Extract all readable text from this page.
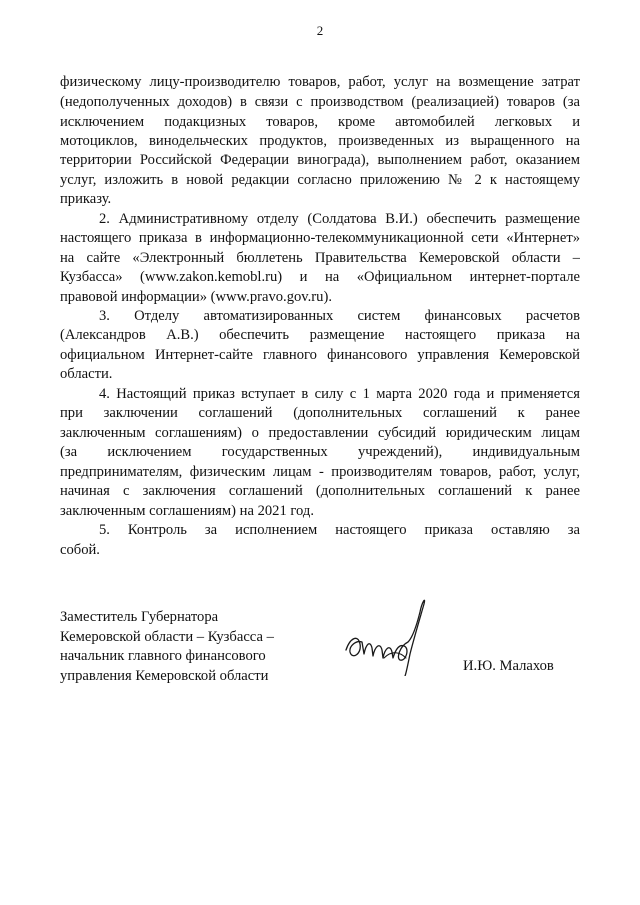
2
физическому лицу-производителю товаров, работ, услуг на возмещение затрат
(недополученных доходов) в связи с производством (реализацией) товаров (за
исключением подакцизных товаров, кроме автомобилей легковых и
мотоциклов, винодельческих продуктов, произведенных из выращенного на
территории Российской Федерации винограда), выполнением работ, оказанием
услуг, изложить в новой редакции согласно приложению № 2 к настоящему
приказу.
2. Административному отделу (Солдатова В.И.) обеспечить размещение
настоящего приказа в информационно-телекоммуникационной сети «Интернет»
на сайте «Электронный бюллетень Правительства Кемеровской области –
Кузбасса» (www.zakon.kemobl.ru) и на «Официальном интернет-портале
правовой информации» (www.pravo.gov.ru).
3. Отделу автоматизированных систем финансовых расчетов
(Александров А.В.) обеспечить размещение настоящего приказа на
официальном Интернет-сайте главного финансового управления Кемеровской
области.
4. Настоящий приказ вступает в силу с 1 марта 2020 года и применяется
при заключении соглашений (дополнительных соглашений к ранее
заключенным соглашениям) о предоставлении субсидий юридическим лицам
(за исключением государственных учреждений), индивидуальным
предпринимателям, физическим лицам - производителям товаров, работ, услуг,
начиная с заключения соглашений (дополнительных соглашений к ранее
заключенным соглашениям) на 2021 год.
5. Контроль за исполнением настоящего приказа оставляю за
собой.
Заместитель Губернатора
Кемеровской области – Кузбасса –
начальник главного финансового
управления Кемеровской области
И.Ю. Малахов
